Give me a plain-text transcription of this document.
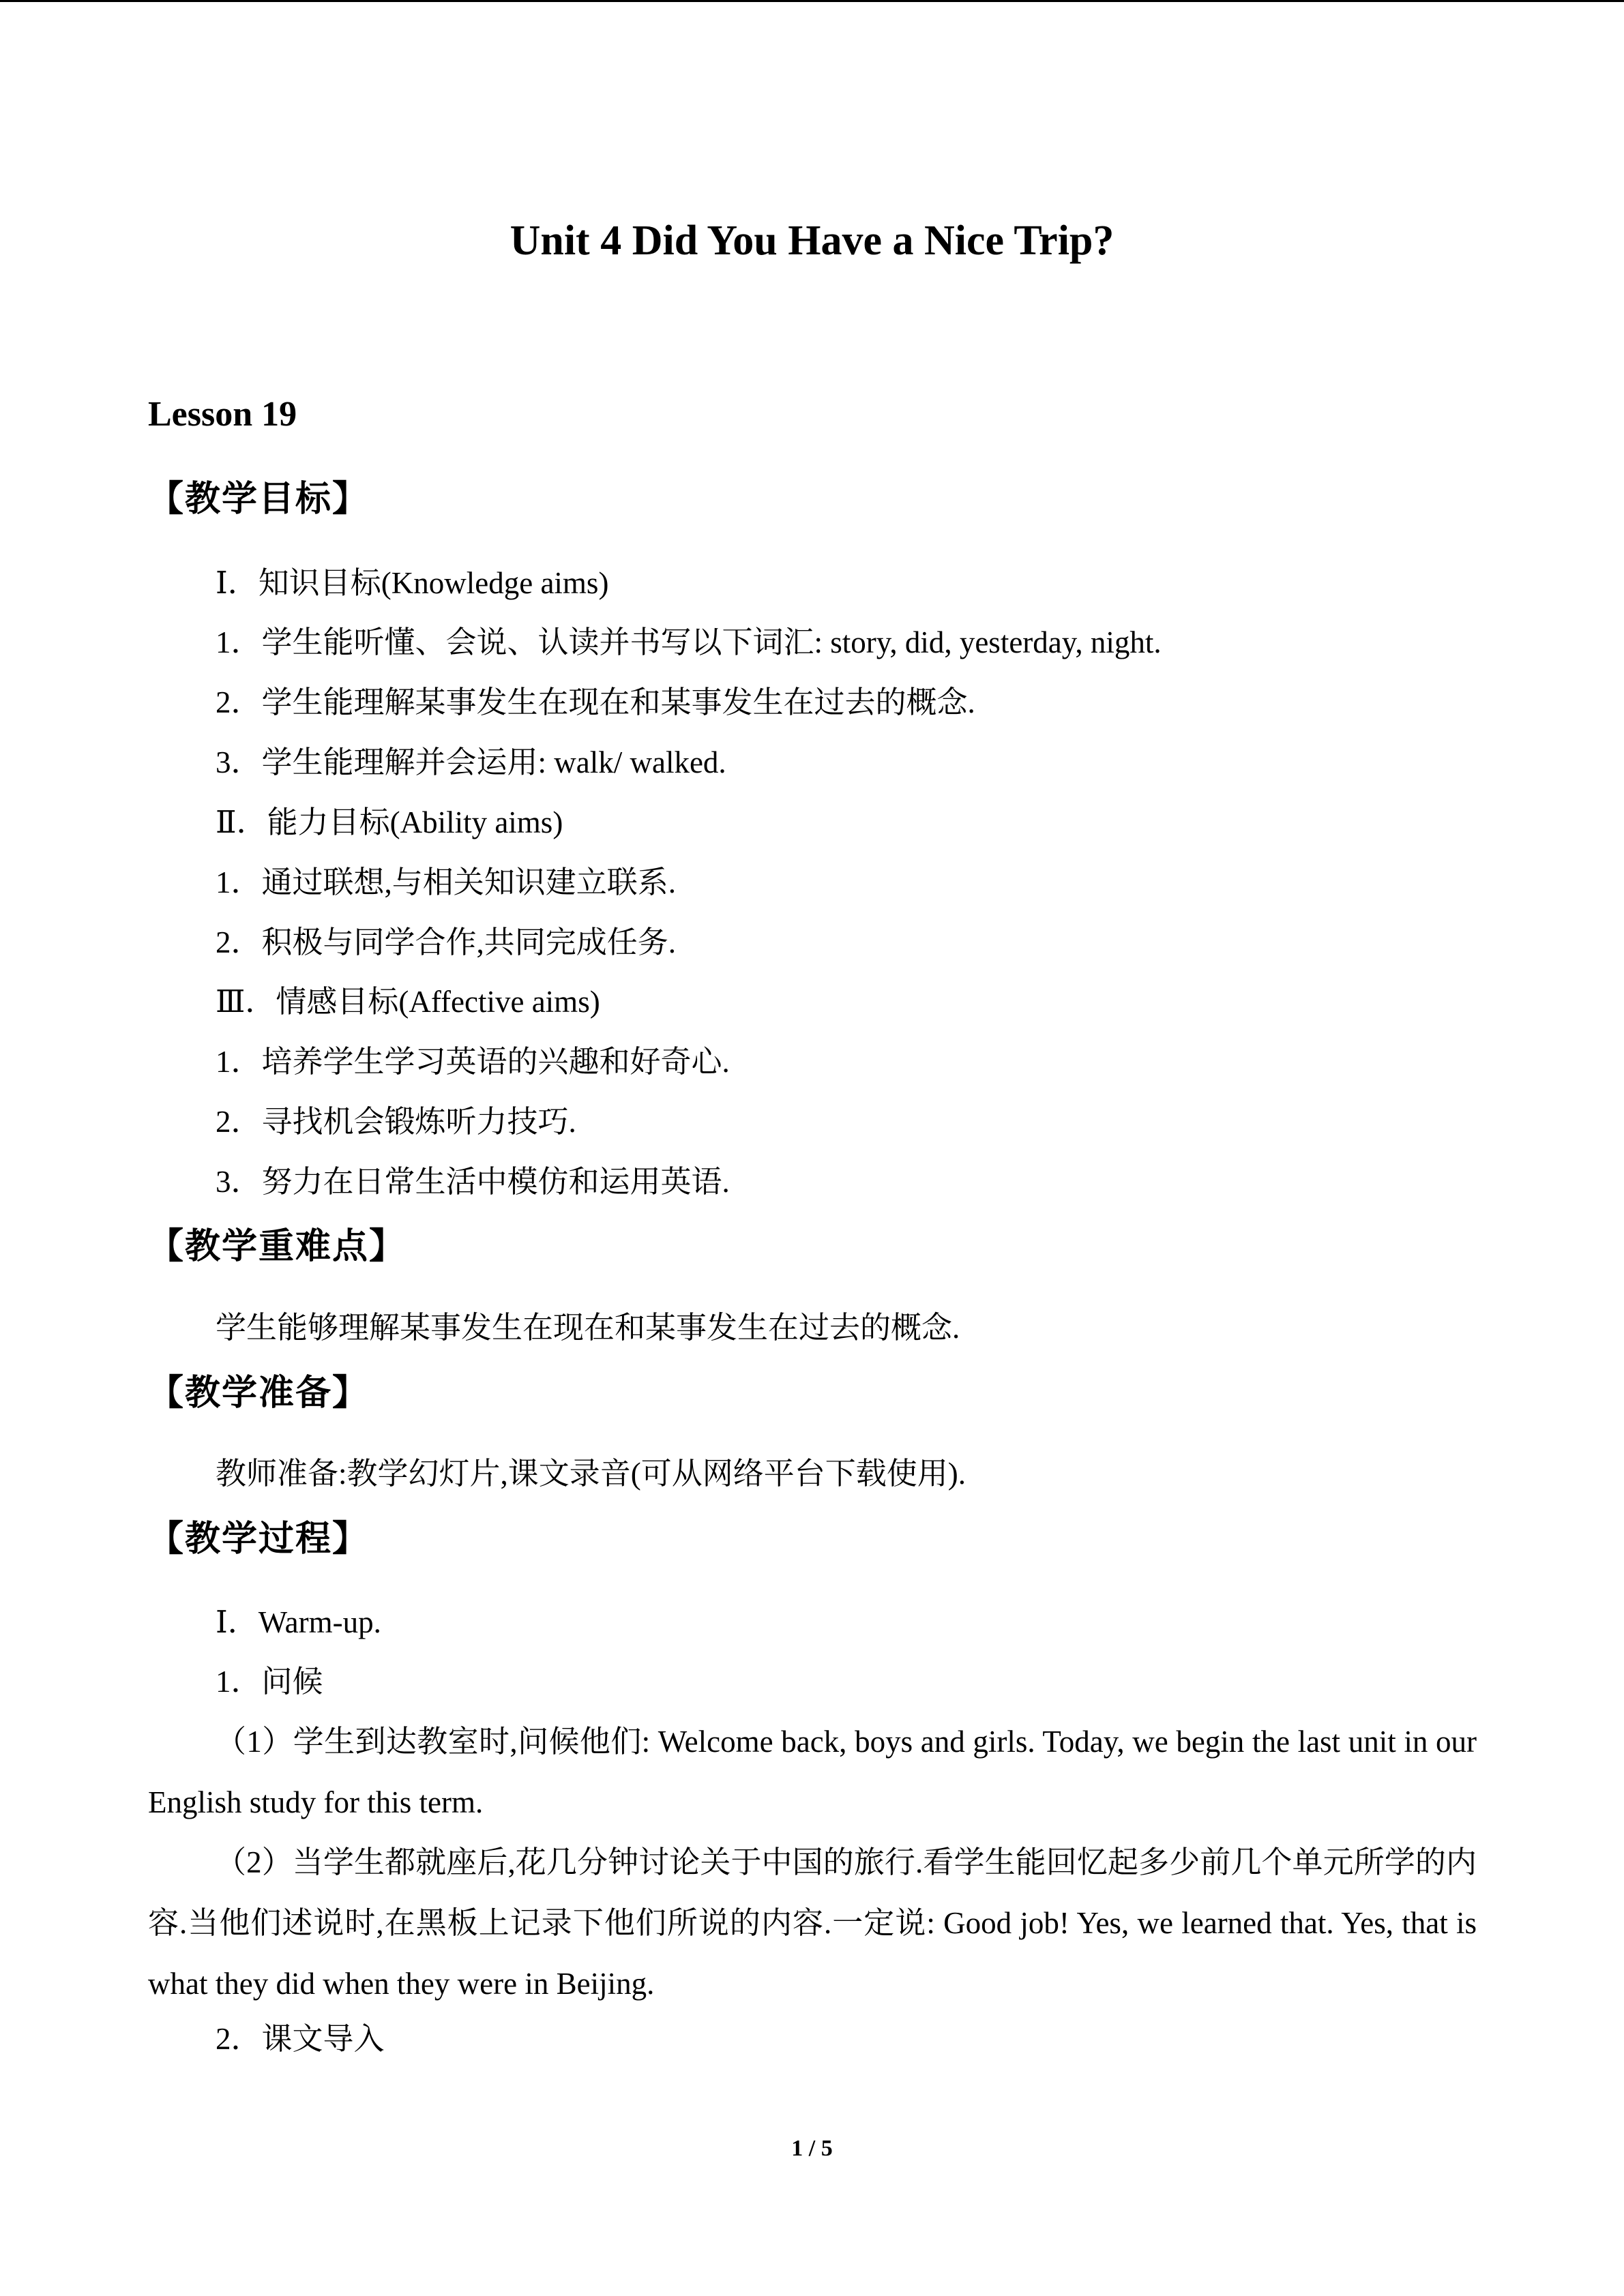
Unit 4 Did You Have a Nice Trip?
Lesson 19
【教学目标】
Ⅰ．知识目标(Knowledge aims)
1．学生能听懂、会说、认读并书写以下词汇: story, did, yesterday, night.
2．学生能理解某事发生在现在和某事发生在过去的概念.
3．学生能理解并会运用: walk/ walked.
Ⅱ．能力目标(Ability aims)
1．通过联想,与相关知识建立联系.
2．积极与同学合作,共同完成任务.
Ⅲ．情感目标(Affective aims)
1．培养学生学习英语的兴趣和好奇心.
2．寻找机会锻炼听力技巧.
3．努力在日常生活中模仿和运用英语.
【教学重难点】
学生能够理解某事发生在现在和某事发生在过去的概念.
【教学准备】
教师准备:教学幻灯片,课文录音(可从网络平台下载使用).
【教学过程】
Ⅰ．Warm-up.
1．问候
（1）学生到达教室时,问候他们: Welcome back, boys and girls. Today, we begin the last unit in our English study for this term.
（2）当学生都就座后,花几分钟讨论关于中国的旅行.看学生能回忆起多少前几个单元所学的内容.当他们述说时,在黑板上记录下他们所说的内容.一定说: Good job! Yes, we learned that. Yes, that is what they did when they were in Beijing.
2．课文导入
1 / 5
